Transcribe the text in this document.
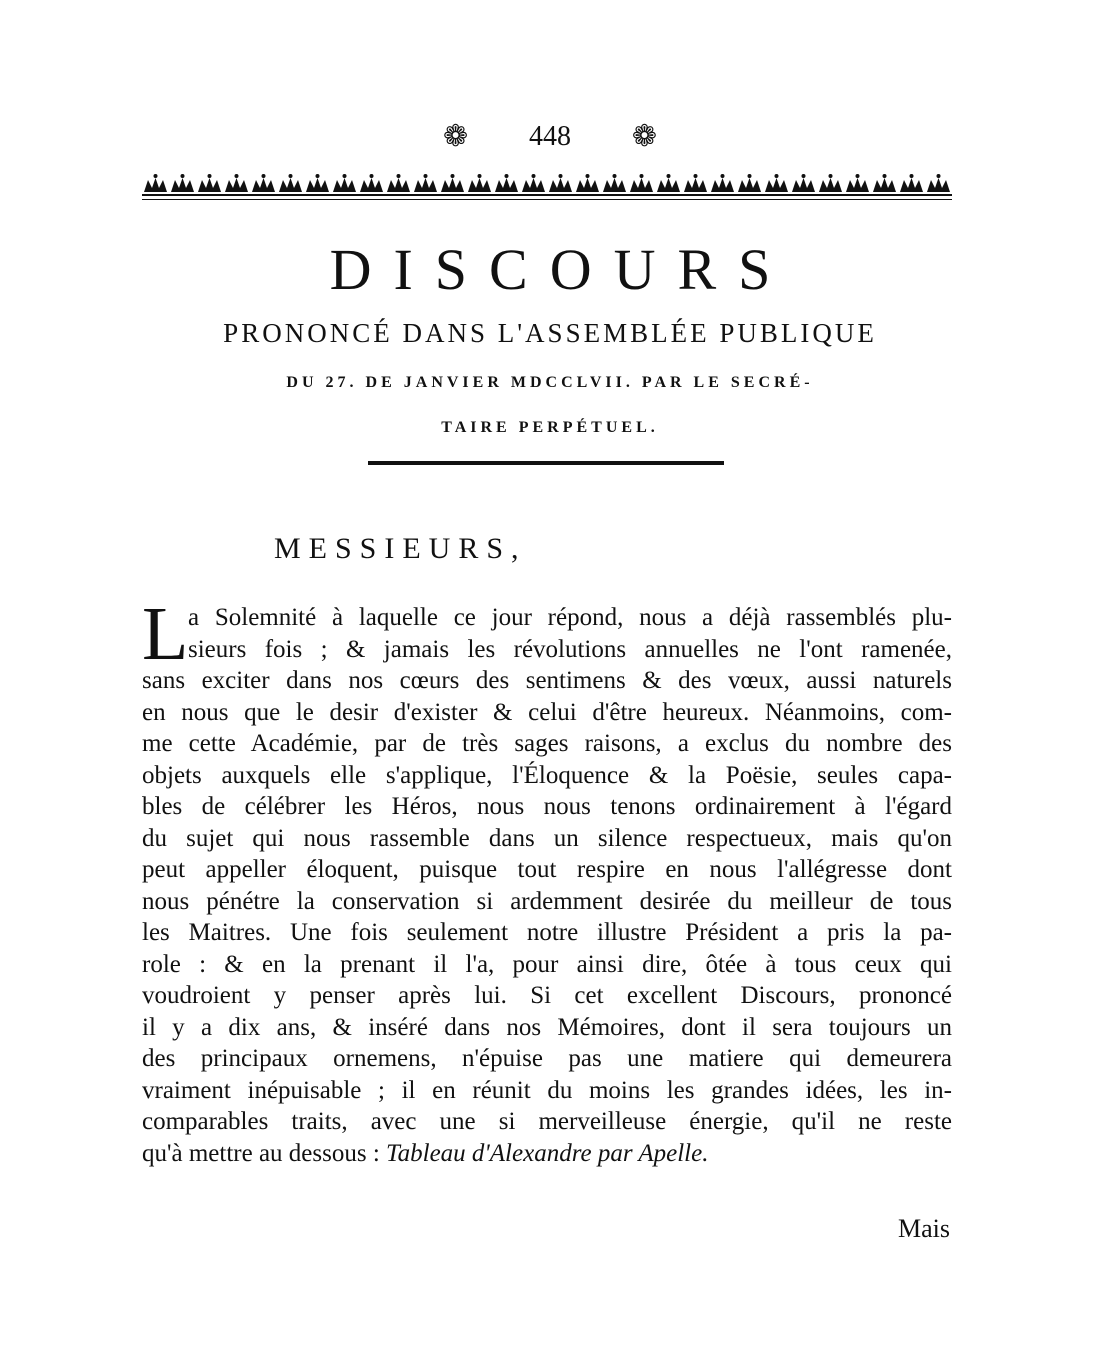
❁ 448 ❁
DISCOURS
PRONONCÉ DANS L'ASSEMBLÉE PUBLIQUE
DU 27. DE JANVIER MDCCLVII. PAR LE SECRÉ-
TAIRE PERPÉTUEL.
MESSIEURS,
L a Solemnité à laquelle ce jour répond, nous a déjà rassemblés plu-
sieurs fois ; & jamais les révolutions annuelles ne l'ont ramenée,
sans exciter dans nos cœurs des sentimens & des vœux, aussi naturels
en nous que le desir d'exister & celui d'être heureux. Néanmoins, com-
me cette Académie, par de très sages raisons, a exclus du nombre des
objets auxquels elle s'applique, l'Éloquence & la Poësie, seules capa-
bles de célébrer les Héros, nous nous tenons ordinairement à l'égard
du sujet qui nous rassemble dans un silence respectueux, mais qu'on
peut appeller éloquent, puisque tout respire en nous l'allégresse dont
nous pénétre la conservation si ardemment desirée du meilleur de tous
les Maitres. Une fois seulement notre illustre Président a pris la pa-
role : & en la prenant il l'a, pour ainsi dire, ôtée à tous ceux qui
voudroient y penser après lui. Si cet excellent Discours, prononcé
il y a dix ans, & inséré dans nos Mémoires, dont il sera toujours un
des principaux ornemens, n'épuise pas une matiere qui demeurera
vraiment inépuisable ; il en réunit du moins les grandes idées, les in-
comparables traits, avec une si merveilleuse énergie, qu'il ne reste
qu'à mettre au dessous : Tableau d'Alexandre par Apelle.
Mais
